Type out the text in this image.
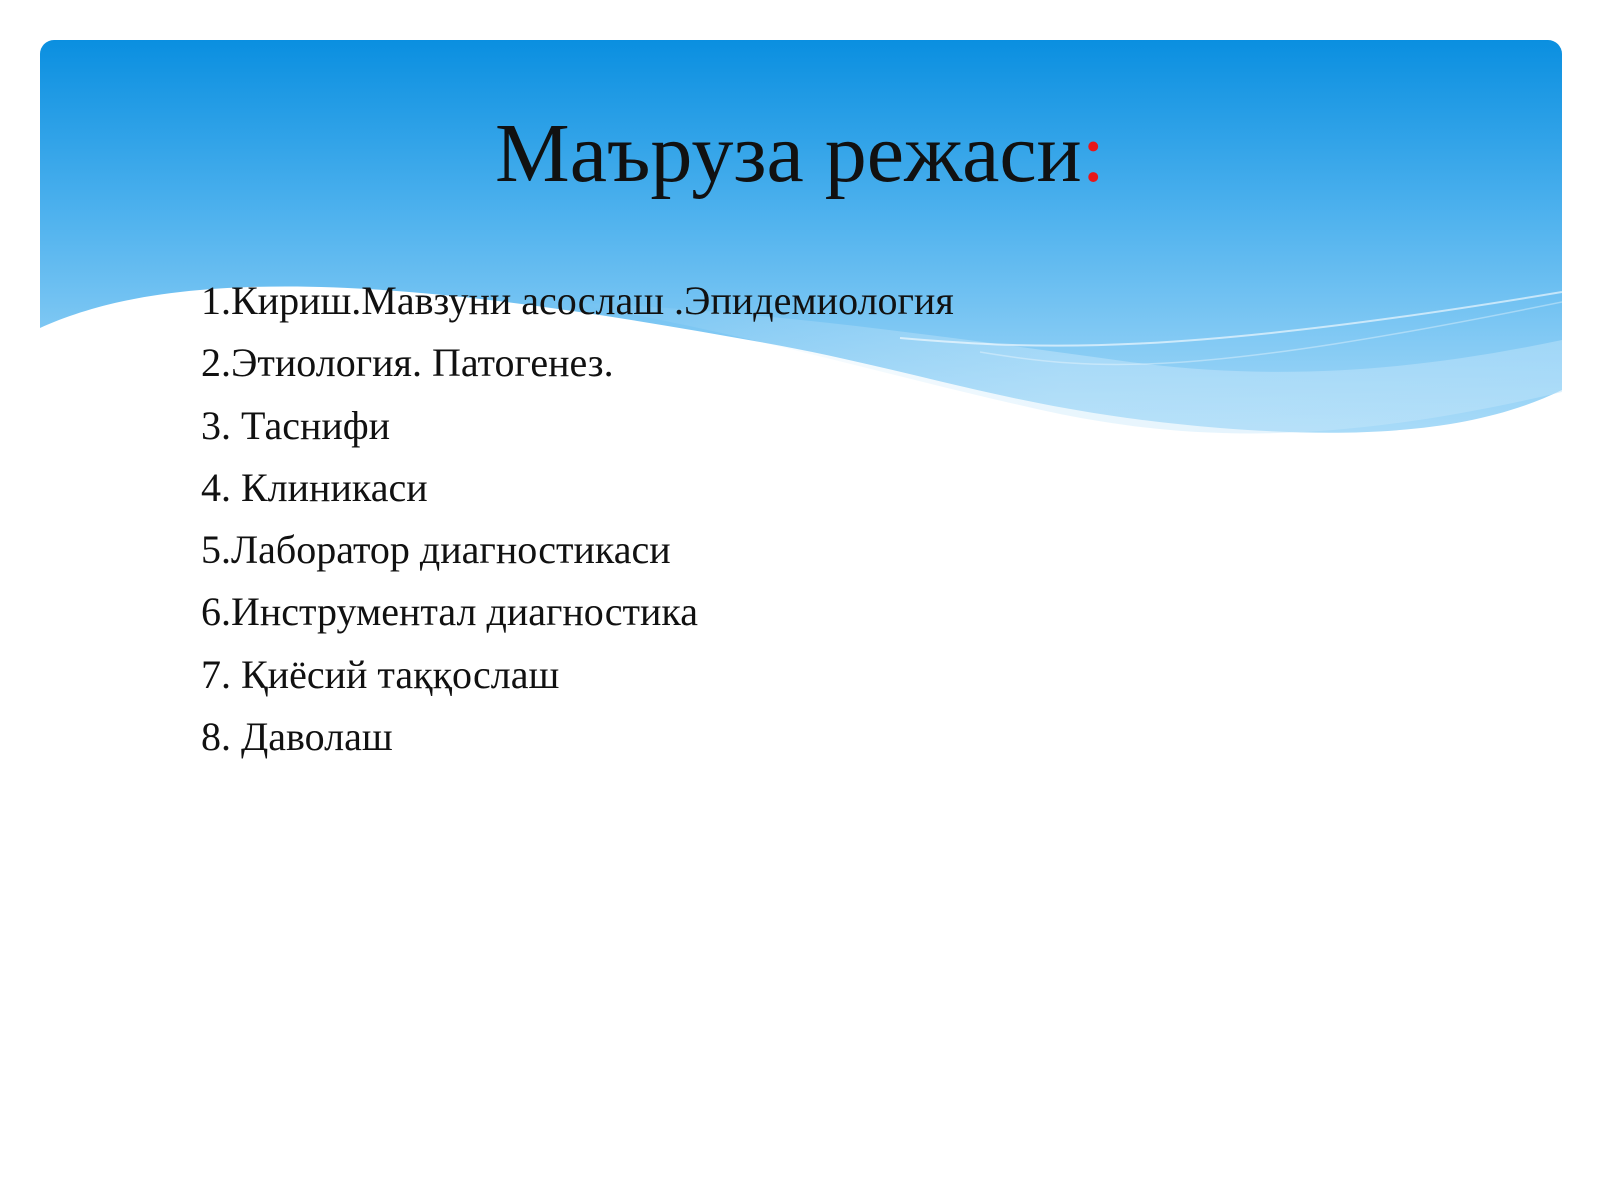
Маъруза режаси:
1.Кириш.Мавзуни асослаш .Эпидемиология
2.Этиология. Патогенез.
3. Таснифи
4. Клиникаси
5.Лаборатор диагностикаси
6.Инструментал диагностика
7. Қиёсий таққослаш
8. Даволаш
